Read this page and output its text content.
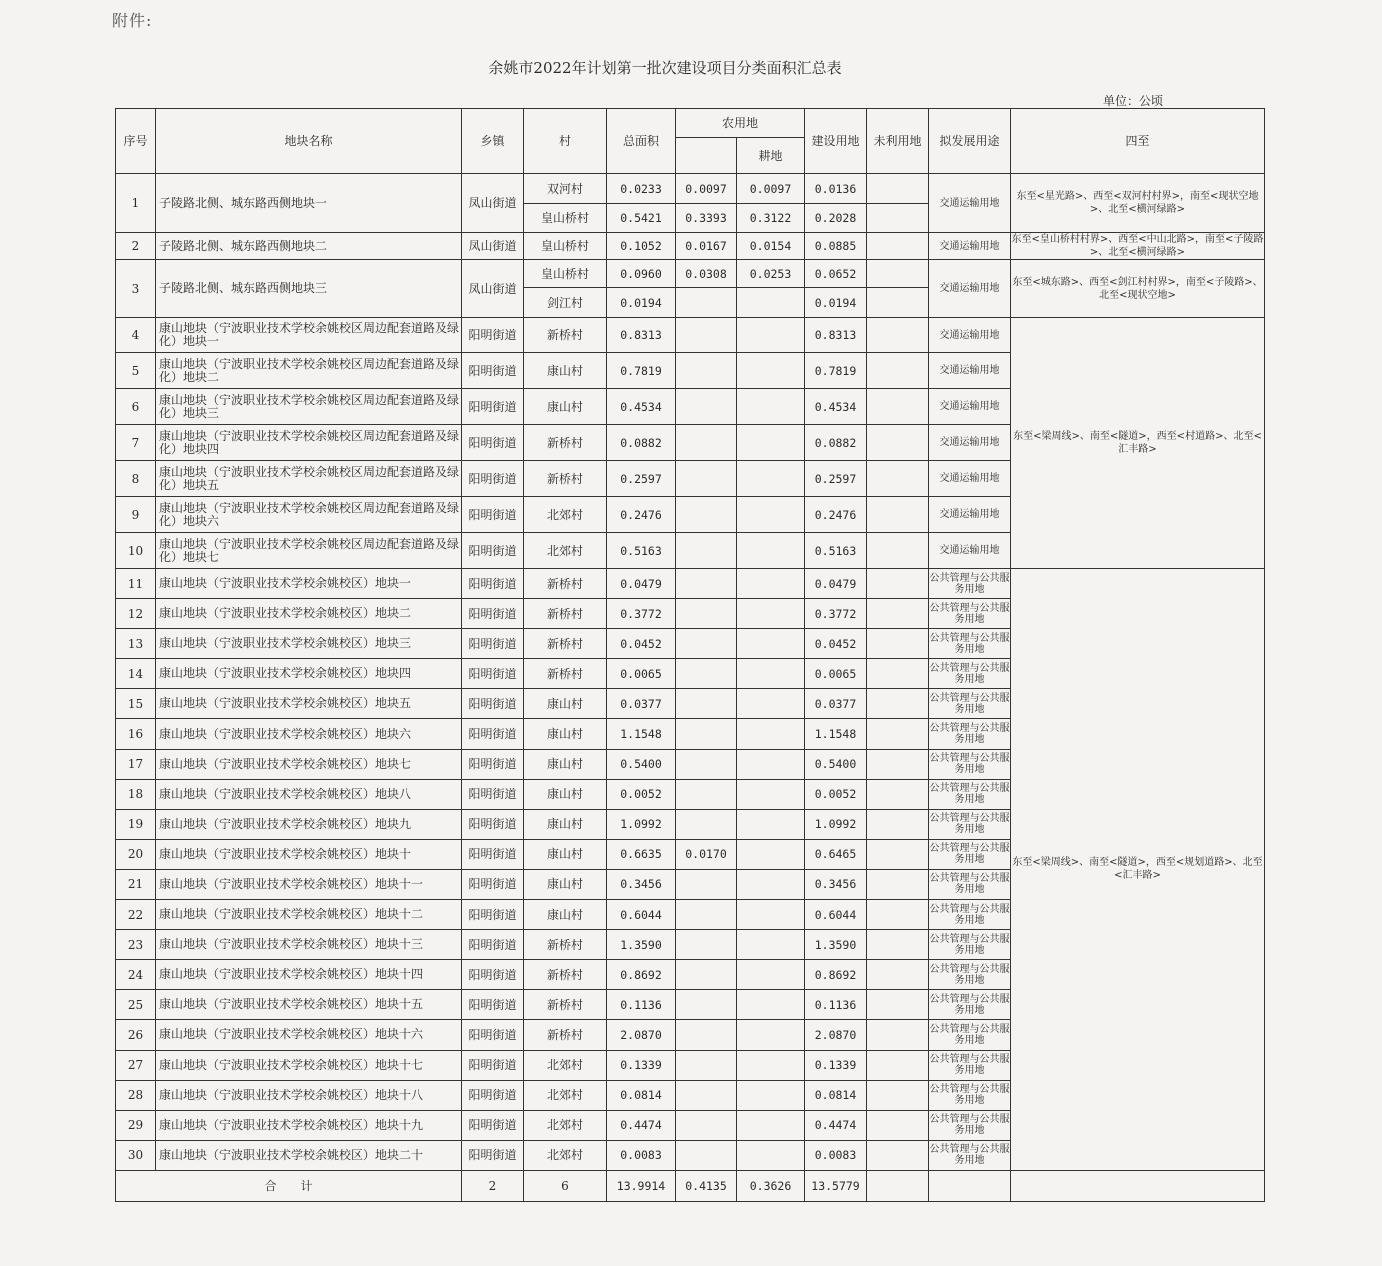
附件:
余姚市2022年计划第一批次建设项目分类面积汇总表
单位：公顷
序号	地块名称	乡镇	村	总面积	农用地		建设用地	未利用地	拟发展用途	四至
						耕地				
1	子陵路北侧、城东路西侧地块一	凤山街道	双河村	0.0233	0.0097	0.0097	0.0136		交通运输用地	东至<星光路>、西至<双河村村界>，南至<现状空地>、北至<横河绿路>
			皇山桥村	0.5421	0.3393	0.3122	0.2028			
2	子陵路北侧、城东路西侧地块二	凤山街道	皇山桥村	0.1052	0.0167	0.0154	0.0885		交通运输用地	东至<皇山桥村村界>、西至<中山北路>，南至<子陵路>、北至<横河绿路>
3	子陵路北侧、城东路西侧地块三	凤山街道	皇山桥村	0.0960	0.0308	0.0253	0.0652		交通运输用地	东至<城东路>、西至<剑江村村界>，南至<子陵路>、北至<现状空地>
			剑江村	0.0194			0.0194			
4	康山地块（宁波职业技术学校余姚校区周边配套道路及绿化）地块一	阳明街道	新桥村	0.8313			0.8313		交通运输用地	东至<梁周线>、南至<隧道>，西至<村道路>、北至<汇丰路>
5	康山地块（宁波职业技术学校余姚校区周边配套道路及绿化）地块二	阳明街道	康山村	0.7819			0.7819		交通运输用地	
6	康山地块（宁波职业技术学校余姚校区周边配套道路及绿化）地块三	阳明街道	康山村	0.4534			0.4534		交通运输用地	
7	康山地块（宁波职业技术学校余姚校区周边配套道路及绿化）地块四	阳明街道	新桥村	0.0882			0.0882		交通运输用地	
8	康山地块（宁波职业技术学校余姚校区周边配套道路及绿化）地块五	阳明街道	新桥村	0.2597			0.2597		交通运输用地	
9	康山地块（宁波职业技术学校余姚校区周边配套道路及绿化）地块六	阳明街道	北郊村	0.2476			0.2476		交通运输用地	
10	康山地块（宁波职业技术学校余姚校区周边配套道路及绿化）地块七	阳明街道	北郊村	0.5163			0.5163		交通运输用地	
11	康山地块（宁波职业技术学校余姚校区）地块一	阳明街道	新桥村	0.0479			0.0479		公共管理与公共服务用地	东至<梁周线>、南至<隧道>，西至<规划道路>、北至<汇丰路>
12	康山地块（宁波职业技术学校余姚校区）地块二	阳明街道	新桥村	0.3772			0.3772		公共管理与公共服务用地	
13	康山地块（宁波职业技术学校余姚校区）地块三	阳明街道	新桥村	0.0452			0.0452		公共管理与公共服务用地	
14	康山地块（宁波职业技术学校余姚校区）地块四	阳明街道	新桥村	0.0065			0.0065		公共管理与公共服务用地	
15	康山地块（宁波职业技术学校余姚校区）地块五	阳明街道	康山村	0.0377			0.0377		公共管理与公共服务用地	
16	康山地块（宁波职业技术学校余姚校区）地块六	阳明街道	康山村	1.1548			1.1548		公共管理与公共服务用地	
17	康山地块（宁波职业技术学校余姚校区）地块七	阳明街道	康山村	0.5400			0.5400		公共管理与公共服务用地	
18	康山地块（宁波职业技术学校余姚校区）地块八	阳明街道	康山村	0.0052			0.0052		公共管理与公共服务用地	
19	康山地块（宁波职业技术学校余姚校区）地块九	阳明街道	康山村	1.0992			1.0992		公共管理与公共服务用地	
20	康山地块（宁波职业技术学校余姚校区）地块十	阳明街道	康山村	0.6635	0.0170		0.6465		公共管理与公共服务用地	
21	康山地块（宁波职业技术学校余姚校区）地块十一	阳明街道	康山村	0.3456			0.3456		公共管理与公共服务用地	
22	康山地块（宁波职业技术学校余姚校区）地块十二	阳明街道	康山村	0.6044			0.6044		公共管理与公共服务用地	
23	康山地块（宁波职业技术学校余姚校区）地块十三	阳明街道	新桥村	1.3590			1.3590		公共管理与公共服务用地	
24	康山地块（宁波职业技术学校余姚校区）地块十四	阳明街道	新桥村	0.8692			0.8692		公共管理与公共服务用地	
25	康山地块（宁波职业技术学校余姚校区）地块十五	阳明街道	新桥村	0.1136			0.1136		公共管理与公共服务用地	
26	康山地块（宁波职业技术学校余姚校区）地块十六	阳明街道	新桥村	2.0870			2.0870		公共管理与公共服务用地	
27	康山地块（宁波职业技术学校余姚校区）地块十七	阳明街道	北郊村	0.1339			0.1339		公共管理与公共服务用地	
28	康山地块（宁波职业技术学校余姚校区）地块十八	阳明街道	北郊村	0.0814			0.0814		公共管理与公共服务用地	
29	康山地块（宁波职业技术学校余姚校区）地块十九	阳明街道	北郊村	0.4474			0.4474		公共管理与公共服务用地	
30	康山地块（宁波职业技术学校余姚校区）地块二十	阳明街道	北郊村	0.0083			0.0083		公共管理与公共服务用地	
合　　计		2	6	13.9914	0.4135	0.3626	13.5779			
